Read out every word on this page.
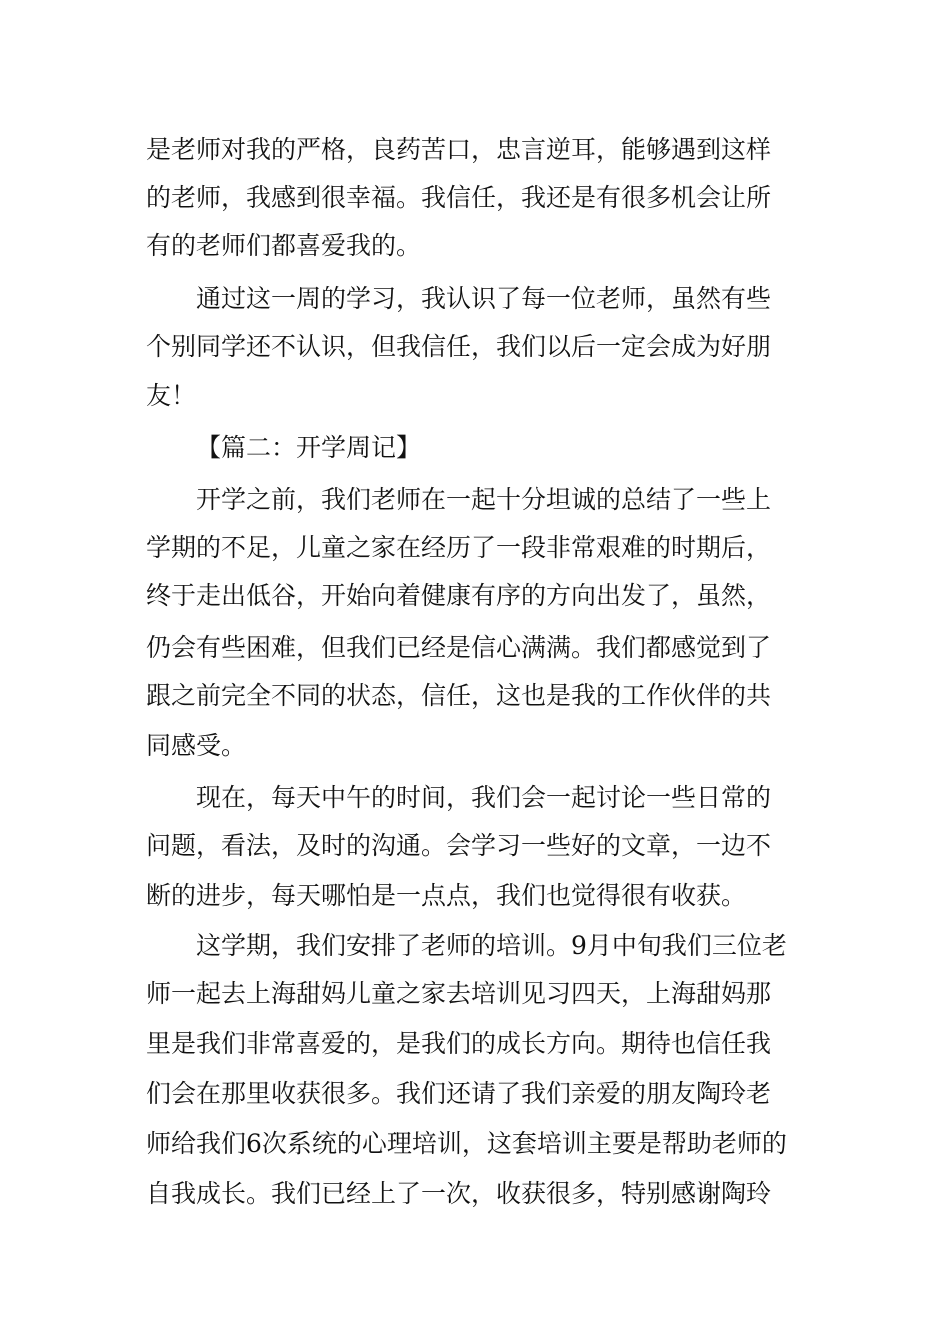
是老师对我的严格，良药苦口，忠言逆耳，能够遇到这样
的老师，我感到很幸福。我信任，我还是有很多机会让所
有的老师们都喜爱我的。
通过这一周的学习，我认识了每一位老师，虽然有些
个别同学还不认识，但我信任，我们以后一定会成为好朋
友！
【篇二：开学周记】
开学之前，我们老师在一起十分坦诚的总结了一些上
学期的不足，儿童之家在经历了一段非常艰难的时期后，
终于走出低谷，开始向着健康有序的方向出发了，虽然，
仍会有些困难，但我们已经是信心满满。我们都感觉到了
跟之前完全不同的状态，信任，这也是我的工作伙伴的共
同感受。
现在，每天中午的时间，我们会一起讨论一些日常的
问题，看法，及时的沟通。会学习一些好的文章，一边不
断的进步，每天哪怕是一点点，我们也觉得很有收获。
这学期，我们安排了老师的培训。9月中旬我们三位老
师一起去上海甜妈儿童之家去培训见习四天，上海甜妈那
里是我们非常喜爱的，是我们的成长方向。期待也信任我
们会在那里收获很多。我们还请了我们亲爱的朋友陶玲老
师给我们6次系统的心理培训，这套培训主要是帮助老师的
自我成长。我们已经上了一次，收获很多，特别感谢陶玲
